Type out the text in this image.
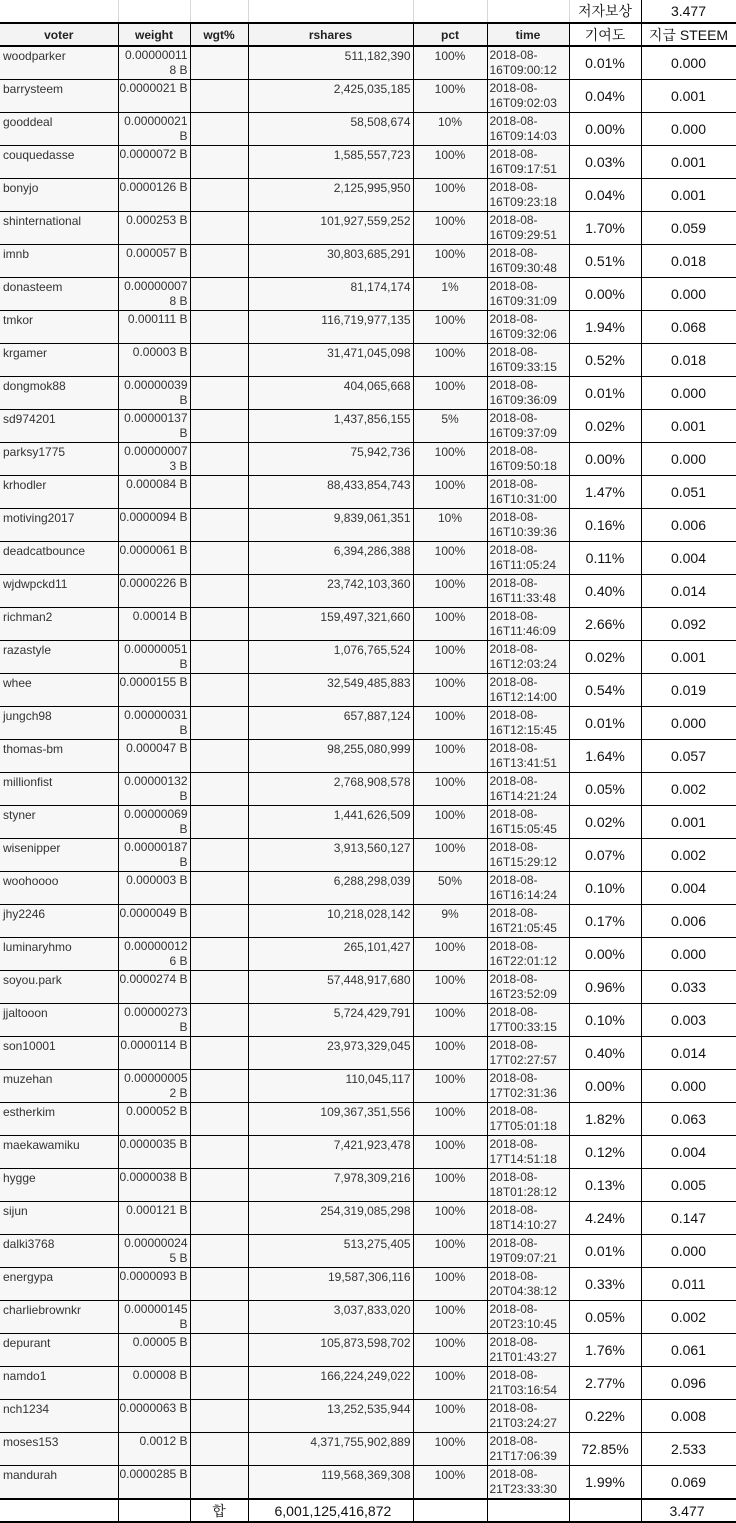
						저자보상	3.477
voter	weight	wgt%	rshares	pct	time	기여도	지급 STEEM
woodparker	0.00000011 8 B		511,182,390	100%	2018-08-16T09:00:12	0.01%	0.000
barrysteem	0.0000021 B		2,425,035,185	100%	2018-08-16T09:02:03	0.04%	0.001
gooddeal	0.00000021 B		58,508,674	10%	2018-08-16T09:14:03	0.00%	0.000
couquedasse	0.0000072 B		1,585,557,723	100%	2018-08-16T09:17:51	0.03%	0.001
bonyjo	0.0000126 B		2,125,995,950	100%	2018-08-16T09:23:18	0.04%	0.001
shinternational	0.000253 B		101,927,559,252	100%	2018-08-16T09:29:51	1.70%	0.059
imnb	0.000057 B		30,803,685,291	100%	2018-08-16T09:30:48	0.51%	0.018
donasteem	0.00000007 8 B		81,174,174	1%	2018-08-16T09:31:09	0.00%	0.000
tmkor	0.000111 B		116,719,977,135	100%	2018-08-16T09:32:06	1.94%	0.068
krgamer	0.00003 B		31,471,045,098	100%	2018-08-16T09:33:15	0.52%	0.018
dongmok88	0.00000039 B		404,065,668	100%	2018-08-16T09:36:09	0.01%	0.000
sd974201	0.00000137 B		1,437,856,155	5%	2018-08-16T09:37:09	0.02%	0.001
parksy1775	0.00000007 3 B		75,942,736	100%	2018-08-16T09:50:18	0.00%	0.000
krhodler	0.000084 B		88,433,854,743	100%	2018-08-16T10:31:00	1.47%	0.051
motiving2017	0.0000094 B		9,839,061,351	10%	2018-08-16T10:39:36	0.16%	0.006
deadcatbounce	0.0000061 B		6,394,286,388	100%	2018-08-16T11:05:24	0.11%	0.004
wjdwpckd11	0.0000226 B		23,742,103,360	100%	2018-08-16T11:33:48	0.40%	0.014
richman2	0.00014 B		159,497,321,660	100%	2018-08-16T11:46:09	2.66%	0.092
razastyle	0.00000051 B		1,076,765,524	100%	2018-08-16T12:03:24	0.02%	0.001
whee	0.0000155 B		32,549,485,883	100%	2018-08-16T12:14:00	0.54%	0.019
jungch98	0.00000031 B		657,887,124	100%	2018-08-16T12:15:45	0.01%	0.000
thomas-bm	0.000047 B		98,255,080,999	100%	2018-08-16T13:41:51	1.64%	0.057
millionfist	0.00000132 B		2,768,908,578	100%	2018-08-16T14:21:24	0.05%	0.002
styner	0.00000069 B		1,441,626,509	100%	2018-08-16T15:05:45	0.02%	0.001
wisenipper	0.00000187 B		3,913,560,127	100%	2018-08-16T15:29:12	0.07%	0.002
woohoooo	0.000003 B		6,288,298,039	50%	2018-08-16T16:14:24	0.10%	0.004
jhy2246	0.0000049 B		10,218,028,142	9%	2018-08-16T21:05:45	0.17%	0.006
luminaryhmo	0.00000012 6 B		265,101,427	100%	2018-08-16T22:01:12	0.00%	0.000
soyou.park	0.0000274 B		57,448,917,680	100%	2018-08-16T23:52:09	0.96%	0.033
jjaltooon	0.00000273 B		5,724,429,791	100%	2018-08-17T00:33:15	0.10%	0.003
son10001	0.0000114 B		23,973,329,045	100%	2018-08-17T02:27:57	0.40%	0.014
muzehan	0.00000005 2 B		110,045,117	100%	2018-08-17T02:31:36	0.00%	0.000
estherkim	0.000052 B		109,367,351,556	100%	2018-08-17T05:01:18	1.82%	0.063
maekawamiku	0.0000035 B		7,421,923,478	100%	2018-08-17T14:51:18	0.12%	0.004
hygge	0.0000038 B		7,978,309,216	100%	2018-08-18T01:28:12	0.13%	0.005
sijun	0.000121 B		254,319,085,298	100%	2018-08-18T14:10:27	4.24%	0.147
dalki3768	0.00000024 5 B		513,275,405	100%	2018-08-19T09:07:21	0.01%	0.000
energypa	0.0000093 B		19,587,306,116	100%	2018-08-20T04:38:12	0.33%	0.011
charliebrownkr	0.00000145 B		3,037,833,020	100%	2018-08-20T23:10:45	0.05%	0.002
depurant	0.00005 B		105,873,598,702	100%	2018-08-21T01:43:27	1.76%	0.061
namdo1	0.00008 B		166,224,249,022	100%	2018-08-21T03:16:54	2.77%	0.096
nch1234	0.0000063 B		13,252,535,944	100%	2018-08-21T03:24:27	0.22%	0.008
moses153	0.0012 B		4,371,755,902,889	100%	2018-08-21T17:06:39	72.85%	2.533
mandurah	0.0000285 B		119,568,369,308	100%	2018-08-21T23:33:30	1.99%	0.069
		합	6,001,125,416,872				3.477
